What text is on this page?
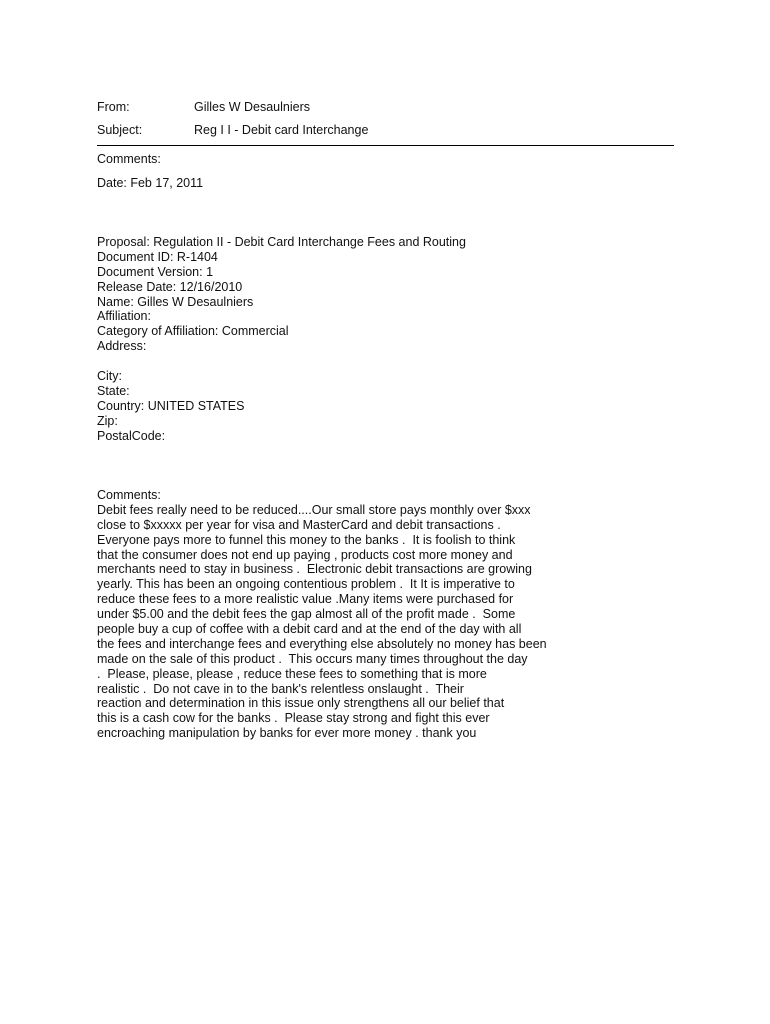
From:	Gilles W Desaulniers
Subject:	Reg I I - Debit card Interchange
Comments:
Date: Feb 17, 2011
Proposal: Regulation II - Debit Card Interchange Fees and Routing
Document ID: R-1404
Document Version: 1
Release Date: 12/16/2010
Name: Gilles W Desaulniers
Affiliation:
Category of Affiliation: Commercial
Address:
City:
State:
Country: UNITED STATES
Zip:
PostalCode:
Comments:
Debit fees really need to be reduced....Our small store pays monthly over $xxx
close to $xxxxx per year for visa and MasterCard and debit transactions .
Everyone pays more to funnel this money to the banks .  It is foolish to think
that the consumer does not end up paying , products cost more money and
merchants need to stay in business .  Electronic debit transactions are growing
yearly. This has been an ongoing contentious problem .  It It is imperative to
reduce these fees to a more realistic value .Many items were purchased for
under $5.00 and the debit fees the gap almost all of the profit made .  Some
people buy a cup of coffee with a debit card and at the end of the day with all
the fees and interchange fees and everything else absolutely no money has been
made on the sale of this product .  This occurs many times throughout the day
.  Please, please, please , reduce these fees to something that is more
realistic .  Do not cave in to the bank's relentless onslaught .  Their
reaction and determination in this issue only strengthens all our belief that
this is a cash cow for the banks .  Please stay strong and fight this ever
encroaching manipulation by banks for ever more money . thank you
